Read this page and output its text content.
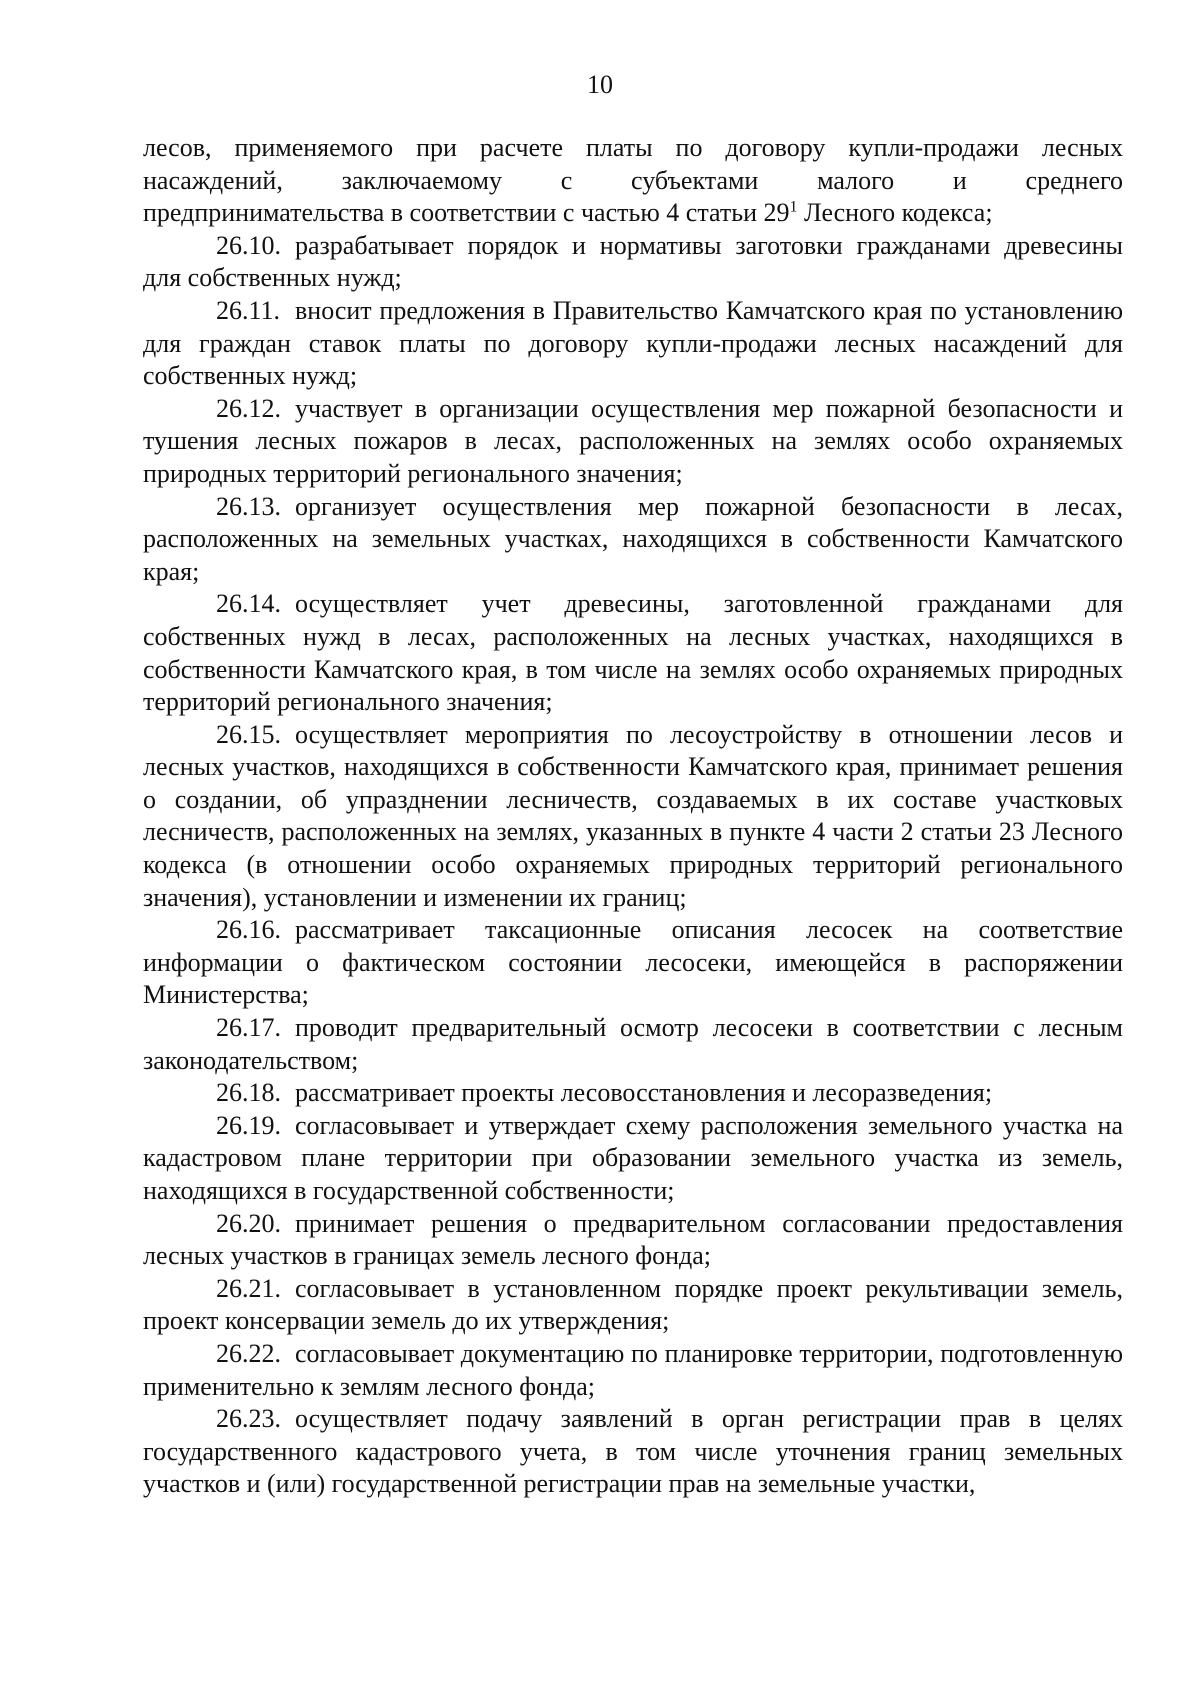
10

лесов, применяемого при расчете платы по договору купли-продажи лесных

насаждений, заключаемому с субъектами малого и среднего

предпринимательства в соответствии с частью 4 статьи $29^1$ Лесного кодекса;

26.10. разрабатывает порядок и нормативы заготовки гражданами древесины для собственных нужд;

26.11. вносит предложения в Правительство Камчатского края по установлению для граждан ставок платы по договору купли-продажи лесных насаждений для собственных нужд;

26.12. участвует в организации осуществления мер пожарной безопасности и тушения лесных пожаров в лесах, расположенных на землях особо охраняемых природных территорий регионального значения;

26.13. организует осуществления мер пожарной безопасности в лесах, расположенных на земельных участках, находящихся в собственности Камчатского края;

26.14. осуществляет учет древесины, заготовленной гражданами для собственных нужд в лесах, расположенных на лесных участках, находящихся в собственности Камчатского края, в том числе на землях особо охраняемых природных территорий регионального значения;

26.15. осуществляет мероприятия по лесоустройству в отношении лесов и лесных участков, находящихся в собственности Камчатского края, принимает решения о создании, об упразднении лесничеств, создаваемых в их составе участковых лесничеств, расположенных на землях, указанных в пункте 4 части 2 статьи 23 Лесного кодекса (в отношении особо охраняемых природных территорий регионального значения), установлении и изменении их границ;

26.16. рассматривает таксационные описания лесосек на соответствие информации о фактическом состоянии лесосеки, имеющейся в распоряжении Министерства;

26.17. проводит предварительный осмотр лесосеки в соответствии с лесным законодательством;

26.18. рассматривает проекты лесовосстановления и лесоразведения;

26.19. согласовывает и утверждает схему расположения земельного участка на кадастровом плане территории при образовании земельного участка из земель, находящихся в государственной собственности;

26.20. принимает решения о предварительном согласовании предоставления лесных участков в границах земель лесного фонда;

26.21. согласовывает в установленном порядке проект рекультивации земель, проект консервации земель до их утверждения;

26.22. согласовывает документацию по планировке территории, подготовленную применительно к землям лесного фонда;

26.23. осуществляет подачу заявлений в орган регистрации прав в целях государственного кадастрового учета, в том числе уточнения границ земельных участков и (или) государственной регистрации прав на земельные участки,
